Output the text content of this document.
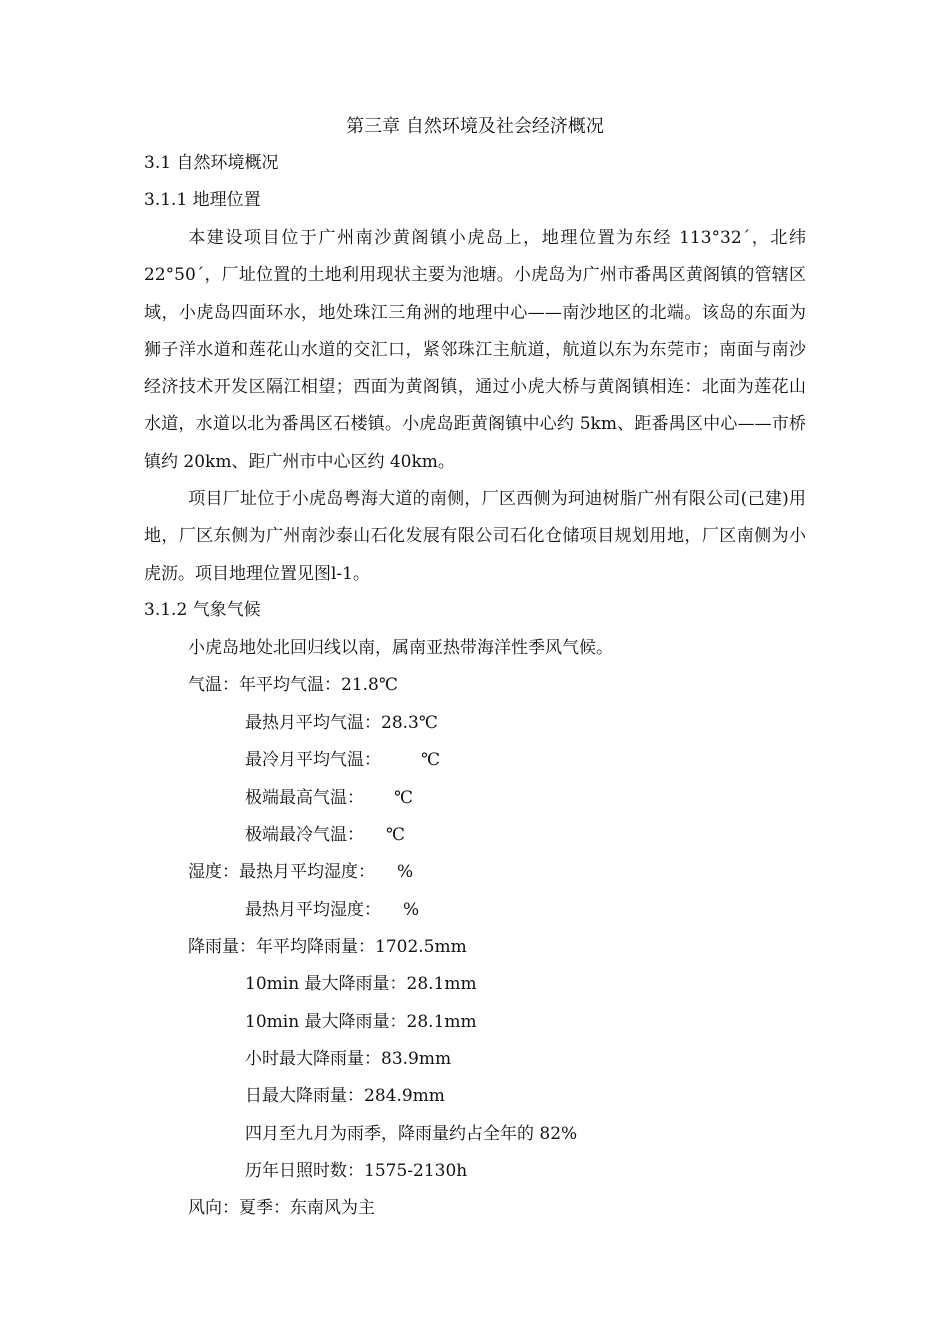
第三章 自然环境及社会经济概况
3.1 自然环境概况
3.1.1 地理位置

本建设项目位于广州南沙黄阁镇小虎岛上，地理位置为东经 113°32´，北纬 22°50´，厂址位置的土地利用现状主要为池塘。小虎岛为广州市番禺区黄阁镇的管辖区域，小虎岛四面环水，地处珠江三角洲的地理中心——南沙地区的北端。该岛的东面为狮子洋水道和莲花山水道的交汇口，紧邻珠江主航道，航道以东为东莞市；南面与南沙经济技术开发区隔江相望；西面为黄阁镇，通过小虎大桥与黄阁镇相连：北面为莲花山水道，水道以北为番禺区石楼镇。小虎岛距黄阁镇中心约 5km、距番禺区中心——市桥镇约 20km、距广州市中心区约 40km。

项目厂址位于小虎岛粤海大道的南侧，厂区西侧为珂迪树脂广州有限公司(己建)用地，厂区东侧为广州南沙泰山石化发展有限公司石化仓储项目规划用地，厂区南侧为小虎沥。项目地理位置见图l-1。

3.1.2 气象气候

小虎岛地处北回归线以南，属南亚热带海洋性季风气候。

气温：年平均气温：21.8℃

最热月平均气温：28.3℃

最冷月平均气温： ℃

极端最高气温： ℃

极端最冷气温： ℃

湿度：最热月平均湿度： %

最热月平均湿度： %

降雨量：年平均降雨量：1702.5mm

10min 最大降雨量：28.1mm

10min 最大降雨量：28.1mm

小时最大降雨量：83.9mm

日最大降雨量：284.9mm

四月至九月为雨季，降雨量约占全年的 82%

历年日照时数：1575-2130h

风向：夏季：东南风为主
